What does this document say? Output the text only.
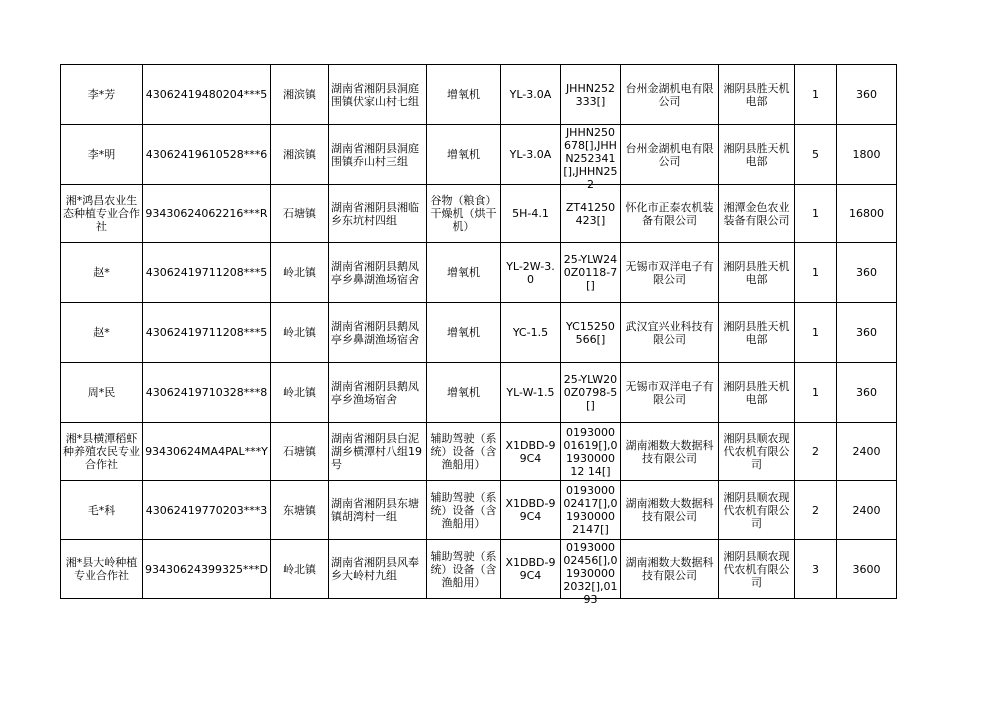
李*芳	43062419480204***5	湘滨镇	湖南省湘阴县洞庭围镇伏家山村七组	增氧机	YL-3.0A	JHHN252333[]	台州金湖机电有限公司	湘阴县胜天机电部	1	360
李*明	43062419610528***6	湘滨镇	湖南省湘阴县洞庭围镇乔山村三组	增氧机	YL-3.0A	JHHN250678[],JHHN252341[],JHHN252	台州金湖机电有限公司	湘阴县胜天机电部	5	1800
湘*鸿昌农业生态种植专业合作社	93430624062216***R	石塘镇	湖南省湘阴县湘临乡东坑村四组	谷物（粮食）干燥机（烘干机）	5H-4.1	ZT41250423[]	怀化市正泰农机装备有限公司	湘潭金色农业装备有限公司	1	16800
赵*	43062419711208***5	岭北镇	湖南省湘阴县鹅凤亭乡鼻湖渔场宿舍	增氧机	YL-2W-3.0	25-YLW240Z0118-7[]	无锡市双洋电子有限公司	湘阴县胜天机电部	1	360
赵*	43062419711208***5	岭北镇	湖南省湘阴县鹅凤亭乡鼻湖渔场宿舍	增氧机	YC-1.5	YC15250566[]	武汉宜兴业科技有限公司	湘阴县胜天机电部	1	360
周*民	43062419710328***8	岭北镇	湖南省湘阴县鹅凤亭乡渔场宿舍	增氧机	YL-W-1.5	25-YLW200Z0798-5[]	无锡市双洋电子有限公司	湘阴县胜天机电部	1	360
湘*县横潭稻虾种养殖农民专业合作社	93430624MA4PAL***Y	石塘镇	湖南省湘阴县白泥湖乡横潭村八组19号	辅助驾驶（系统）设备（含渔船用）	X1DBD-99C4	019300001619[],0193000012 14[]	湖南湘数大数据科技有限公司	湘阴县顺农现代农机有限公司	2	2400
毛*科	43062419770203***3	东塘镇	湖南省湘阴县东塘镇胡湾村一组	辅助驾驶（系统）设备（含渔船用）	X1DBD-99C4	019300002417[],019300002147[]	湖南湘数大数据科技有限公司	湘阴县顺农现代农机有限公司	2	2400
湘*县大岭种植专业合作社	93430624399325***D	岭北镇	湖南省湘阴县风奉乡大岭村九组	辅助驾驶（系统）设备（含渔船用）	X1DBD-99C4	019300002456[],019300002032[],0193	湖南湘数大数据科技有限公司	湘阴县顺农现代农机有限公司	3	3600
